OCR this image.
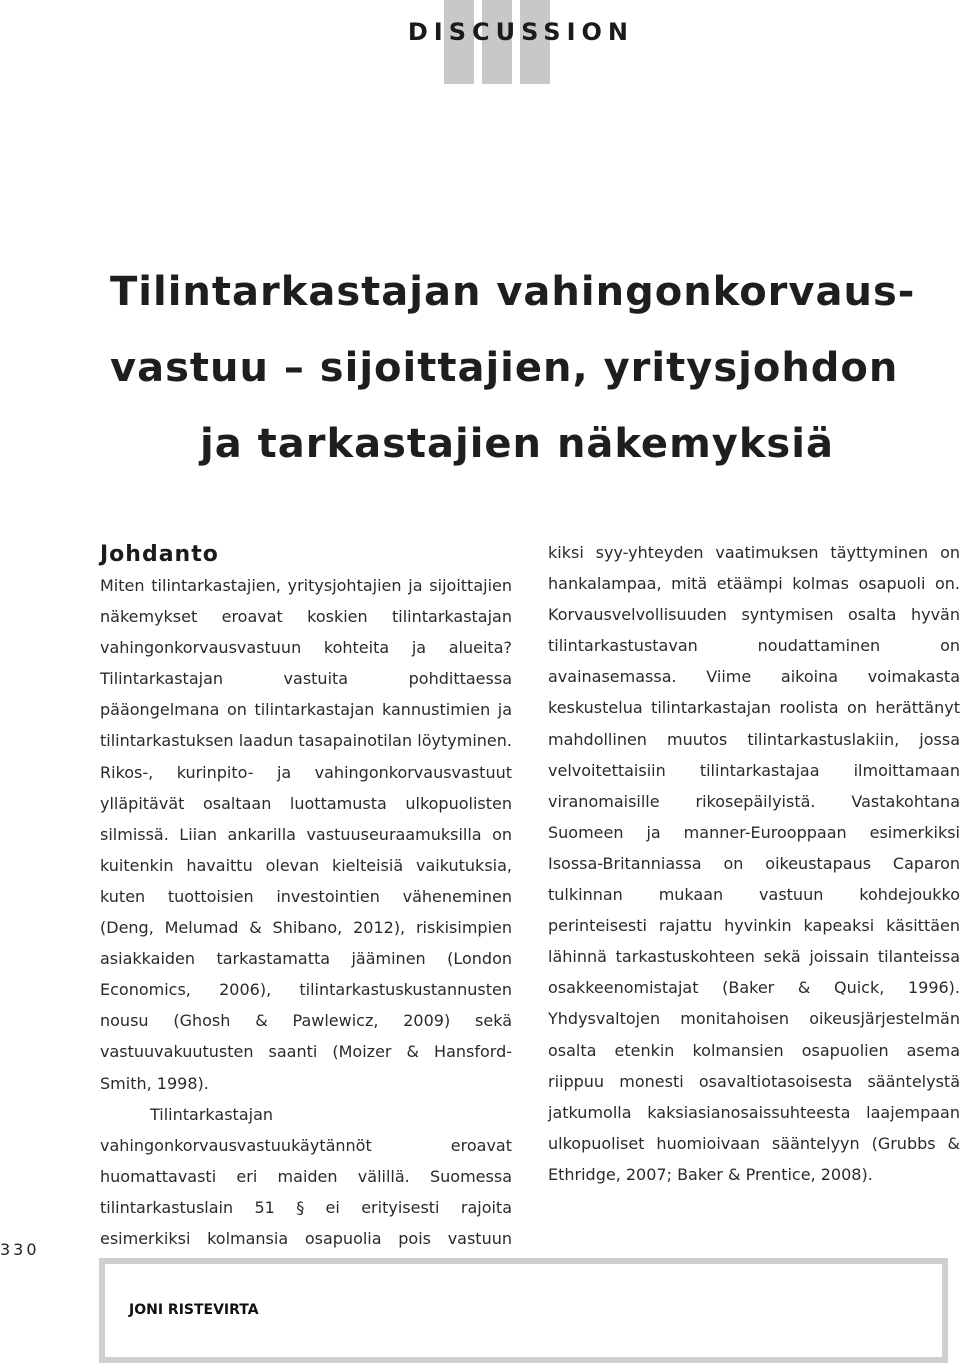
DISCUSSION
Tilintarkastajan vahingonkorvaus-
vastuu – sijoittajien, yritysjohdon
ja tarkastajien näkemyksiä
Johdanto

Miten tilintarkastajien, yritysjohtajien ja sijoittajien näkemykset eroavat koskien tilintarkastajan vahingonkorvausvastuun kohteita ja alueita? Tilintarkastajan vastuita pohdittaessa pääongelmana on tilintarkastajan kannustimien ja tilintarkastuksen laadun tasapainotilan löytyminen. Rikos-, kurinpito- ja vahingonkorvausvastuut ylläpitävät osaltaan luottamusta ulkopuolisten silmissä. Liian ankarilla vastuuseuraamuksilla on kuitenkin havaittu olevan kielteisiä vaikutuksia, kuten tuottoisien investointien väheneminen (Deng, Melumad & Shibano, 2012), riskisimpien asiakkaiden tarkastamatta jääminen (London Economics, 2006), tilintarkastuskustannusten nousu (Ghosh & Pawlewicz, 2009) sekä vastuuvakuutusten saanti (Moizer & Hansford-Smith, 1998).

Tilintarkastajan vahingonkorvausvastuukäytännöt eroavat huomattavasti eri maiden välillä. Suomessa tilintarkastuslain 51 § ei erityisesti rajoita esimerkiksi kolmansia osapuolia pois vastuun

kiksi syy-yhteyden vaatimuksen täyttyminen on hankalampaa, mitä etäämpi kolmas osapuoli on. Korvausvelvollisuuden syntymisen osalta hyvän tilintarkastustavan noudattaminen on avainasemassa. Viime aikoina voimakasta keskustelua tilintarkastajan roolista on herättänyt mahdollinen muutos tilintarkastuslakiin, jossa velvoitettaisiin tilintarkastajaa ilmoittamaan viranomaisille rikosepäilyistä. Vastakohtana Suomeen ja manner-Eurooppaan esimerkiksi Isossa-Britanniassa on oikeustapaus Caparon tulkinnan mukaan vastuun kohdejoukko perinteisesti rajattu hyvinkin kapeaksi käsittäen lähinnä tarkastuskohteen sekä joissain tilanteissa osakkeenomistajat (Baker & Quick, 1996). Yhdysvaltojen monitahoisen oikeusjärjestelmän osalta etenkin kolmansien osapuolien asema riippuu monesti osavaltiotasoisesta sääntelystä jatkumolla kaksiasianosaissuhteesta laajempaan ulkopuoliset huomioivaan sääntelyyn (Grubbs & Ethridge, 2007; Baker & Prentice, 2008).

330
JONI RISTEVIRTA
